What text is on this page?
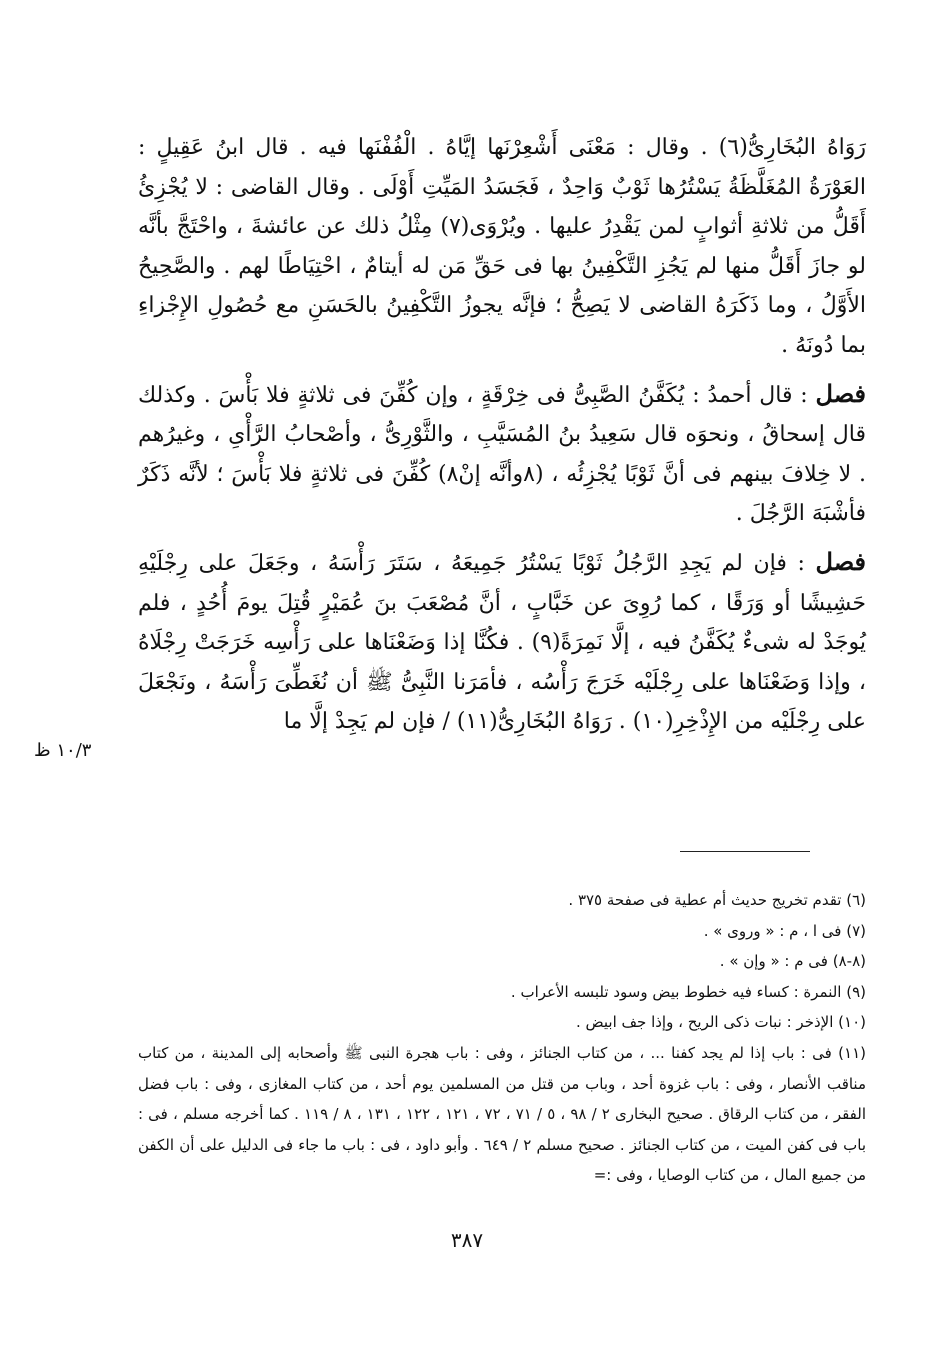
رَوَاهُ البُخَارِىُّ(٦) . وقال : مَعْنَى أَشْعِرْنَها إيَّاهُ . الْفُفْنَها فيه . قال ابنُ عَقِيلٍ : العَوْرَةُ المُغَلَّظَةُ يَسْتُرُها ثَوْبٌ وَاحِدٌ ، فَجَسَدُ المَيِّتِ أَوْلَى . وقال القاضى : لا يُجْزِئُ أَقَلُّ من ثلاثةِ أثوابٍ لمن يَقْدِرُ عليها . ويُرْوَى(٧) مِثْلُ ذلك عن عائشةَ ، واحْتَجَّ بأنَّه لو جازَ أَقَلُّ منها لم يَجُزِ التَّكْفِينُ بها فى حَقِّ مَن له أيتامٌ ، احْتِيَاطًا لهم . والصَّحِيحُ الأَوَّلُ ، وما ذَكَرَهُ القاضى لا يَصِحُّ ؛ فإنَّه يجوزُ التَّكْفِينُ بالحَسَنِ مع حُصُولِ الإِجْزاءِ بما دُونَهُ .

فصل : قال أحمدُ : يُكَفَّنُ الصَّبِىُّ فى خِرْقَةٍ ، وإن كُفِّنَ فى ثلاثةٍ فلا بَأْسَ . وكذلك قال إسحاقُ ، ونحوَه قال سَعِيدُ بنُ المُسَيَّبِ ، والثَّوْرِىُّ ، وأصْحابُ الرَّأْىِ ، وغيرُهم . لا خِلافَ بينهم فى أنَّ ثَوْبًا يُجْزِئُه ، (٨وأنَّه إنْ٨) كُفِّنَ فى ثلاثةٍ فلا بَأْسَ ؛ لأنَّه ذَكَرٌ فأشْبَهَ الرَّجُلَ .

فصل : فإن لم يَجِدِ الرَّجُلُ ثَوْبًا يَسْتُرُ جَمِيعَهُ ، سَتَرَ رَأْسَهُ ، وجَعَلَ على رِجْلَيْهِ حَشِيشًا أو وَرَقًا ، كما رُوِىَ عن خَبَّابٍ ، أنَّ مُصْعَبَ بنَ عُمَيْرٍ قُتِلَ يومَ أُحُدٍ ، فلم يُوجَدْ له شىءٌ يُكَفَّنُ فيه ، إلَّا نَمِرَةً(٩) . فكُنَّا إذا وَضَعْنَاها على رَأْسِه خَرَجَتْ رِجْلَاهُ ، وإذا وَضَعْنَاها على رِجْلَيْه خَرَجَ رَأْسُه ، فأمَرَنا النَّبِىُّ ﷺ أن نُغَطِّىَ رَأْسَهُ ، ونَجْعَلَ على رِجْلَيْه من الإِذْخِرِ(١٠) . رَوَاهُ البُخَارِىُّ(١١) / فإن لم يَجِدْ إلَّا ما

١٠/٣ ظ

(٦) تقدم تخريج حديث أم عطية فى صفحة ٣٧٥ .

(٧) فى ا ، م : « وروى » .

(٨-٨) فى م : « وإن » .

(٩) النمرة : كساء فيه خطوط بيض وسود تلبسه الأعراب .

(١٠) الإذخر : نبات ذكى الريح ، وإذا جف ابيض .

(١١) فى : باب إذا لم يجد كفنا ... ، من كتاب الجنائز ، وفى : باب هجرة النبى ﷺ وأصحابه إلى المدينة ، من كتاب مناقب الأنصار ، وفى : باب غزوة أحد ، وباب من قتل من المسلمين يوم أحد ، من كتاب المغازى ، وفى : باب فضل الفقر ، من كتاب الرقاق . صحيح البخارى ٢ / ٩٨ ، ٥ / ٧١ ، ٧٢ ، ١٢١ ، ١٢٢ ، ١٣١ ، ٨ / ١١٩ . كما أخرجه مسلم ، فى : باب فى كفن الميت ، من كتاب الجنائز . صحيح مسلم ٢ / ٦٤٩ . وأبو داود ، فى : باب ما جاء فى الدليل على أن الكفن من جميع المال ، من كتاب الوصايا ، وفى :=

٣٨٧
